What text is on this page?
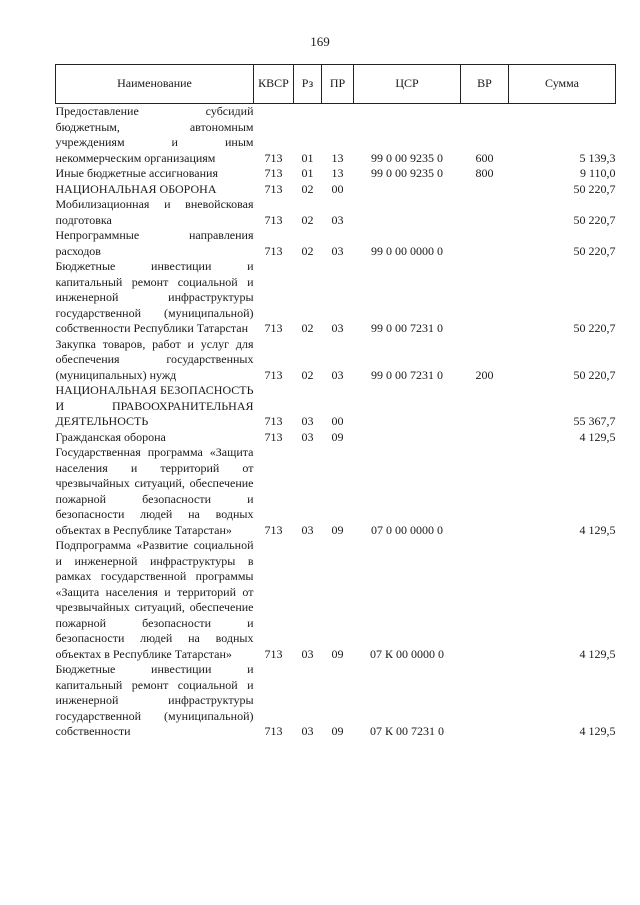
169
Наименование	КВСР	Рз	ПР	ЦСР	ВР	Сумма
Предоставление субсидий бюджетным, автономным учреждениям и иным некоммерческим организациям	713	01	13	99 0 00 9235 0	600	5 139,3
Иные бюджетные ассигнования	713	01	13	99 0 00 9235 0	800	9 110,0
НАЦИОНАЛЬНАЯ ОБОРОНА	713	02	00			50 220,7
Мобилизационная и вневойсковая подготовка	713	02	03			50 220,7
Непрограммные направления расходов	713	02	03	99 0 00 0000 0		50 220,7
Бюджетные инвестиции и капитальный ремонт социальной и инженерной инфраструктуры государственной (муниципальной) собственности Республики Татарстан	713	02	03	99 0 00 7231 0		50 220,7
Закупка товаров, работ и услуг для обеспечения государственных (муниципальных) нужд	713	02	03	99 0 00 7231 0	200	50 220,7
НАЦИОНАЛЬНАЯ БЕЗОПАСНОСТЬ И ПРАВООХРАНИТЕЛЬНАЯ ДЕЯТЕЛЬНОСТЬ	713	03	00			55 367,7
Гражданская оборона	713	03	09			4 129,5
Государственная программа «Защита населения и территорий от чрезвычайных ситуаций, обеспечение пожарной безопасности и безопасности людей на водных объектах в Республике Татарстан»	713	03	09	07 0 00 0000 0		4 129,5
Подпрограмма «Развитие социальной и инженерной инфраструктуры в рамках государственной программы «Защита населения и территорий от чрезвычайных ситуаций, обеспечение пожарной безопасности и безопасности людей на водных объектах в Республике Татарстан»	713	03	09	07 К 00 0000 0		4 129,5
Бюджетные инвестиции и капитальный ремонт социальной и инженерной инфраструктуры государственной (муниципальной) собственности	713	03	09	07 К 00 7231 0		4 129,5
